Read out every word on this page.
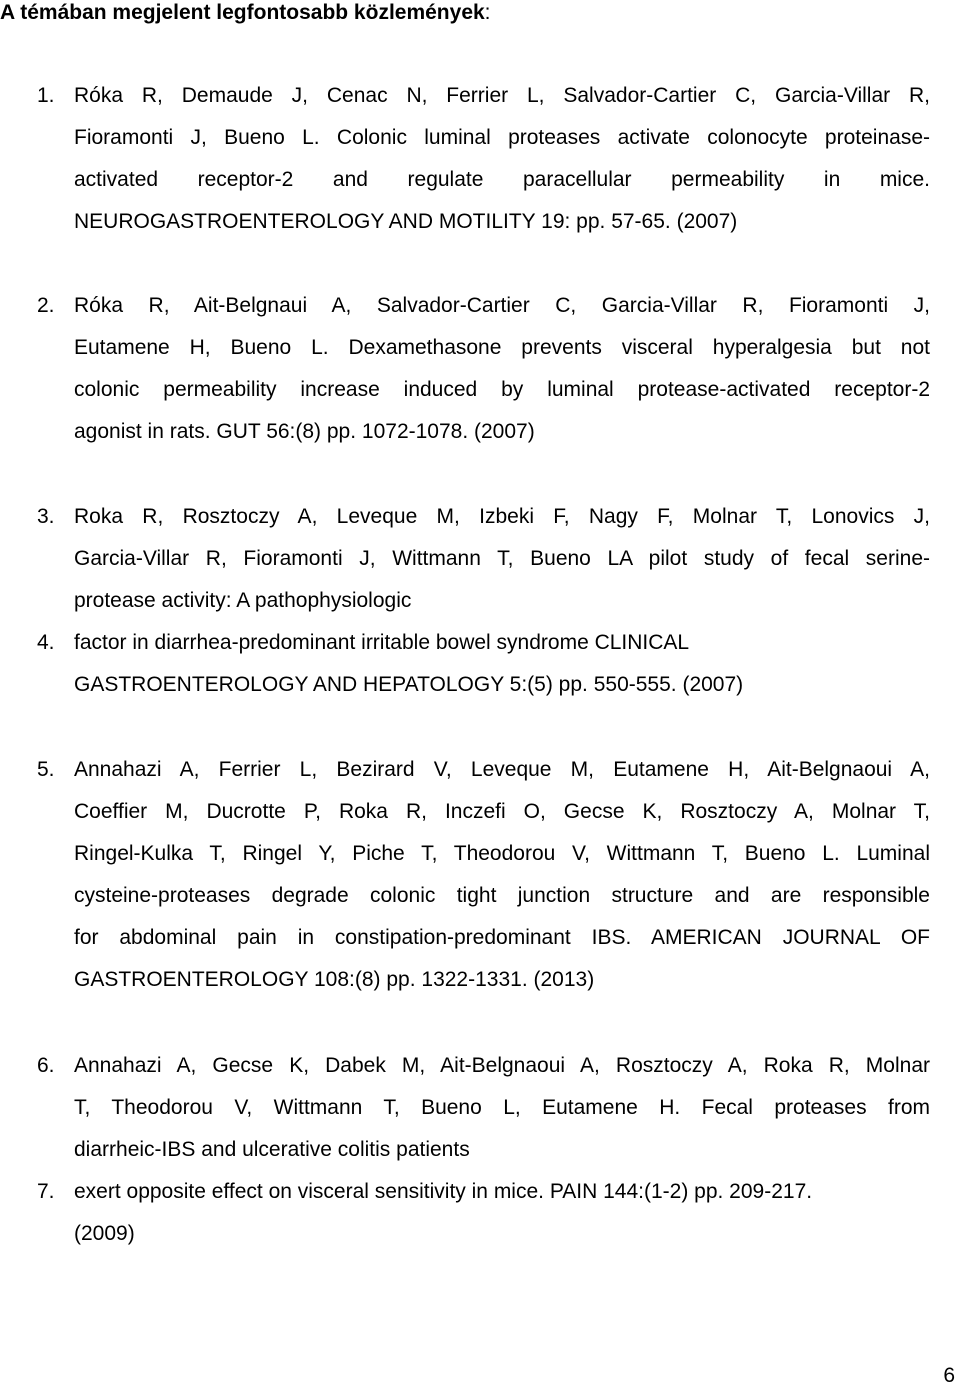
A témában megjelent legfontosabb közlemények:
1. Róka R, Demaude J, Cenac N, Ferrier L, Salvador-Cartier C, Garcia-Villar R,
Fioramonti J, Bueno L. Colonic luminal proteases activate colonocyte proteinase-
activated receptor-2 and regulate paracellular permeability in mice.
NEUROGASTROENTEROLOGY AND MOTILITY 19: pp. 57-65. (2007)
2. Róka R, Ait-Belgnaui A, Salvador-Cartier C, Garcia-Villar R, Fioramonti J,
Eutamene H, Bueno L. Dexamethasone prevents visceral hyperalgesia but not
colonic permeability increase induced by luminal protease-activated receptor-2
agonist in rats. GUT 56:(8) pp. 1072-1078. (2007)
3. Roka R, Rosztoczy A, Leveque M, Izbeki F, Nagy F, Molnar T, Lonovics J,
Garcia-Villar R, Fioramonti J, Wittmann T, Bueno LA pilot study of fecal serine-
protease activity: A pathophysiologic
4. factor in diarrhea-predominant irritable bowel syndrome CLINICAL
GASTROENTEROLOGY AND HEPATOLOGY 5:(5) pp. 550-555. (2007)
5. Annahazi A, Ferrier L, Bezirard V, Leveque M, Eutamene H, Ait-Belgnaoui A,
Coeffier M, Ducrotte P, Roka R, Inczefi O, Gecse K, Rosztoczy A, Molnar T,
Ringel-Kulka T, Ringel Y, Piche T, Theodorou V, Wittmann T, Bueno L. Luminal
cysteine-proteases degrade colonic tight junction structure and are responsible
for abdominal pain in constipation-predominant IBS. AMERICAN JOURNAL OF
GASTROENTEROLOGY 108:(8) pp. 1322-1331. (2013)
6. Annahazi A, Gecse K, Dabek M, Ait-Belgnaoui A, Rosztoczy A, Roka R, Molnar
T, Theodorou V, Wittmann T, Bueno L, Eutamene H. Fecal proteases from
diarrheic-IBS and ulcerative colitis patients
7. exert opposite effect on visceral sensitivity in mice. PAIN 144:(1-2) pp. 209-217.
(2009)
6
